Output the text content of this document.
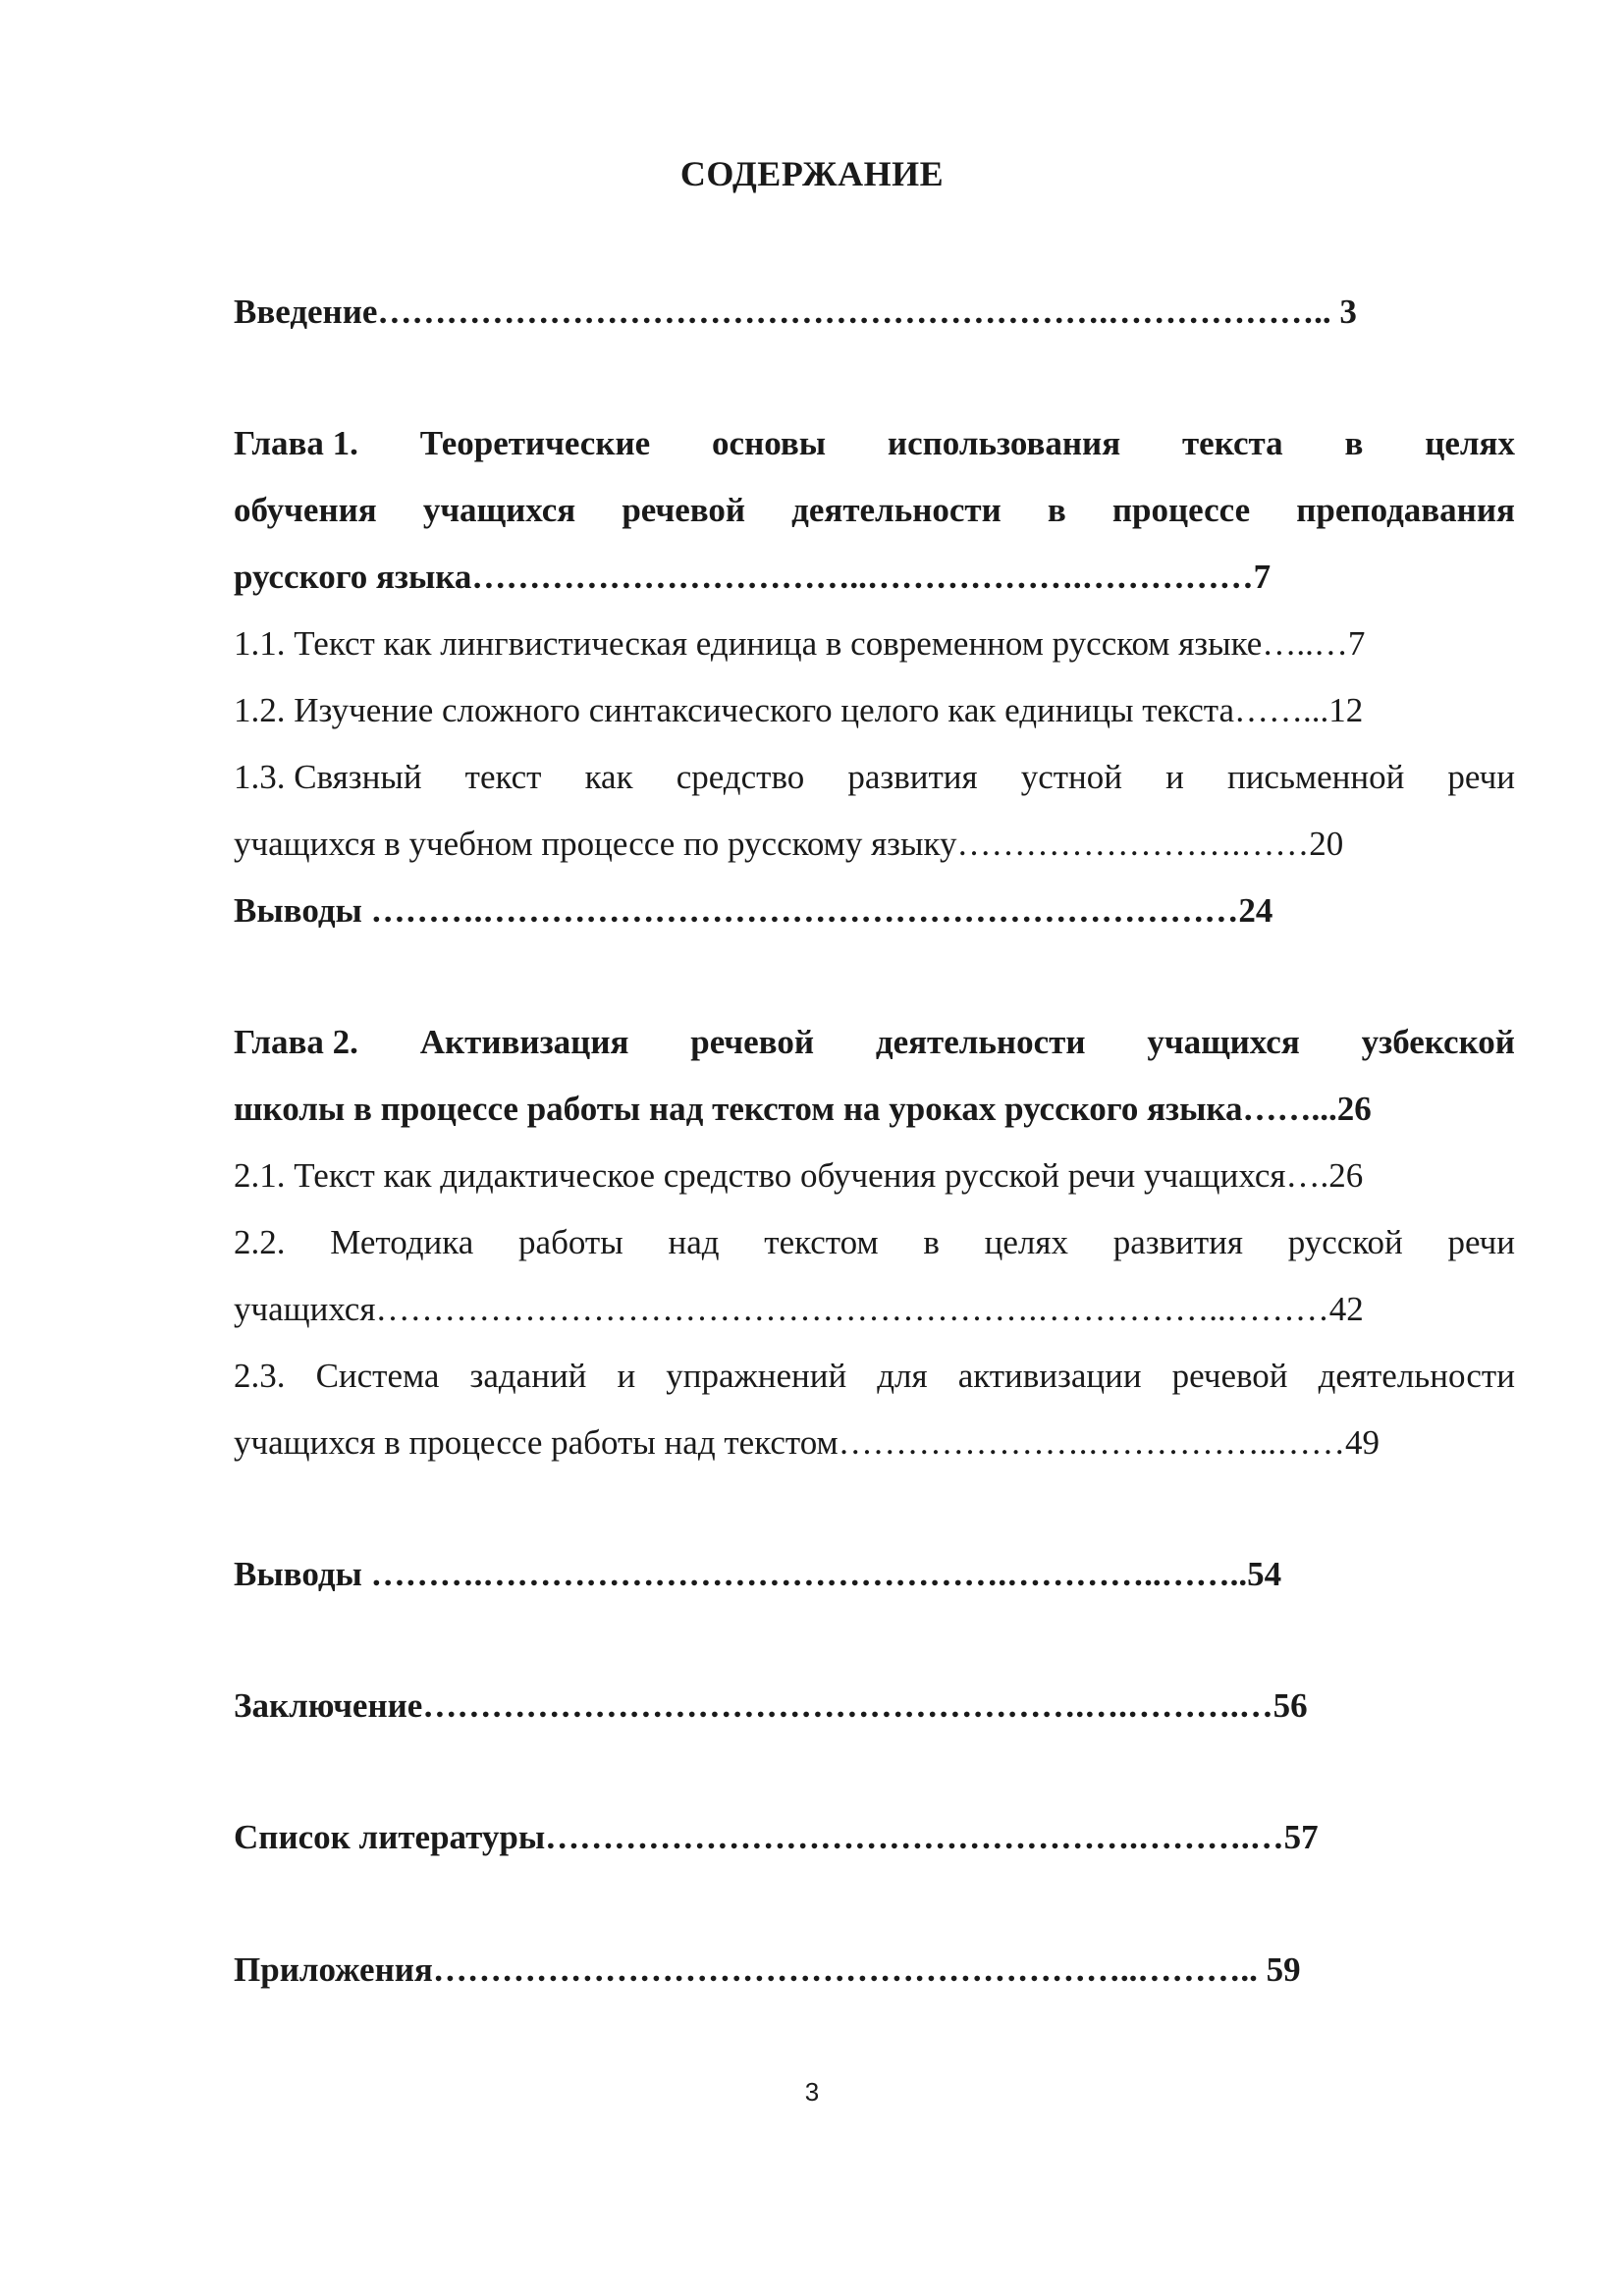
СОДЕРЖАНИЕ
Введение……………………………………………………….……………….. 3
Глава 1. Теоретические основы использования текста в целях
обучения учащихся речевой деятельности в процессе преподавания
русского языка……………………………..……………….……………7
1.1. Текст как лингвистическая единица в современном русском языке…..…7
1.2. Изучение сложного синтаксического целого как единицы текста……...12
1.3. Связный текст как средство развития устной и письменной речи
учащихся в учебном процессе по русскому языку…………………….……20
Выводы ……….…………………………………………………………24
Глава 2. Активизация речевой деятельности учащихся узбекской
школы в процессе работы над текстом на уроках русского языка……...26
2.1. Текст как дидактическое средство обучения русской речи учащихся….26
2.2. Методика работы над текстом в целях развития русской речи
учащихся………………………………………………….……………..………42
2.3. Система заданий и упражнений для активизации речевой деятельности
учащихся в процессе работы над текстом………………….……………..……49
Выводы ……….……………………………………….…………..……..54
Заключение………………………………………………….….……….…56
Список литературы…………………………………………….……….…57
Приложения……………………………………………………..……….. 59
3
